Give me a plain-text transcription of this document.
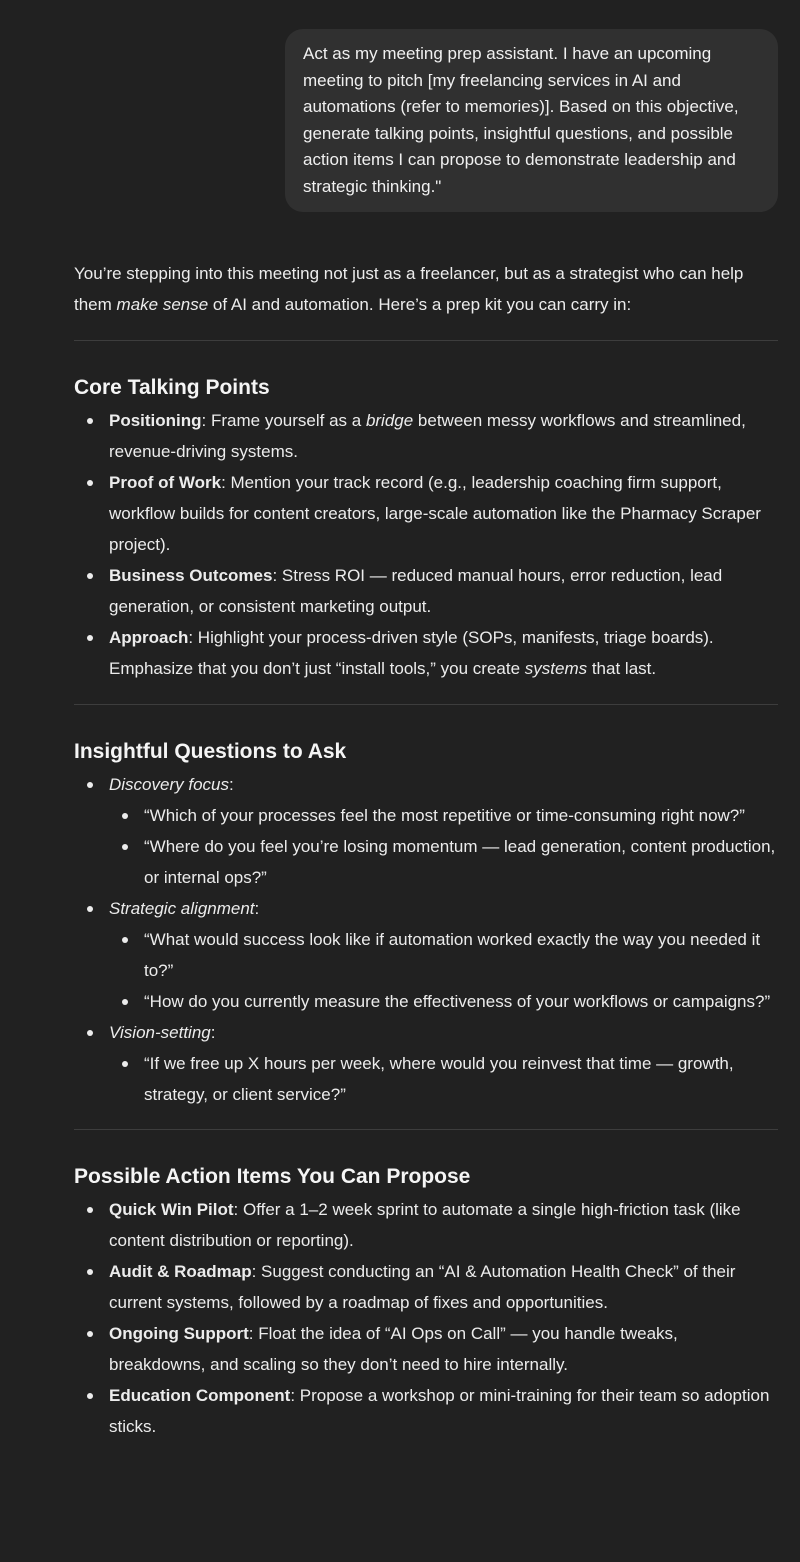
Act as my meeting prep assistant. I have an upcoming meeting to pitch [my freelancing services in AI and automations (refer to memories)]. Based on this objective, generate talking points, insightful questions, and possible action items I can propose to demonstrate leadership and strategic thinking."

You’re stepping into this meeting not just as a freelancer, but as a strategist who can help them make sense of AI and automation. Here’s a prep kit you can carry in:

Core Talking Points
Positioning: Frame yourself as a bridge between messy workflows and streamlined, revenue-driving systems.
Proof of Work: Mention your track record (e.g., leadership coaching firm support, workflow builds for content creators, large-scale automation like the Pharmacy Scraper project).
Business Outcomes: Stress ROI — reduced manual hours, error reduction, lead generation, or consistent marketing output.
Approach: Highlight your process-driven style (SOPs, manifests, triage boards). Emphasize that you don’t just “install tools,” you create systems that last.
Insightful Questions to Ask
Discovery focus:
“Which of your processes feel the most repetitive or time-consuming right now?”
“Where do you feel you’re losing momentum — lead generation, content production, or internal ops?”
Strategic alignment:
“What would success look like if automation worked exactly the way you needed it to?”
“How do you currently measure the effectiveness of your workflows or campaigns?”
Vision-setting:
“If we free up X hours per week, where would you reinvest that time — growth, strategy, or client service?”
Possible Action Items You Can Propose
Quick Win Pilot: Offer a 1–2 week sprint to automate a single high-friction task (like content distribution or reporting).
Audit & Roadmap: Suggest conducting an “AI & Automation Health Check” of their current systems, followed by a roadmap of fixes and opportunities.
Ongoing Support: Float the idea of “AI Ops on Call” — you handle tweaks, breakdowns, and scaling so they don’t need to hire internally.
Education Component: Propose a workshop or mini-training for their team so adoption sticks.
